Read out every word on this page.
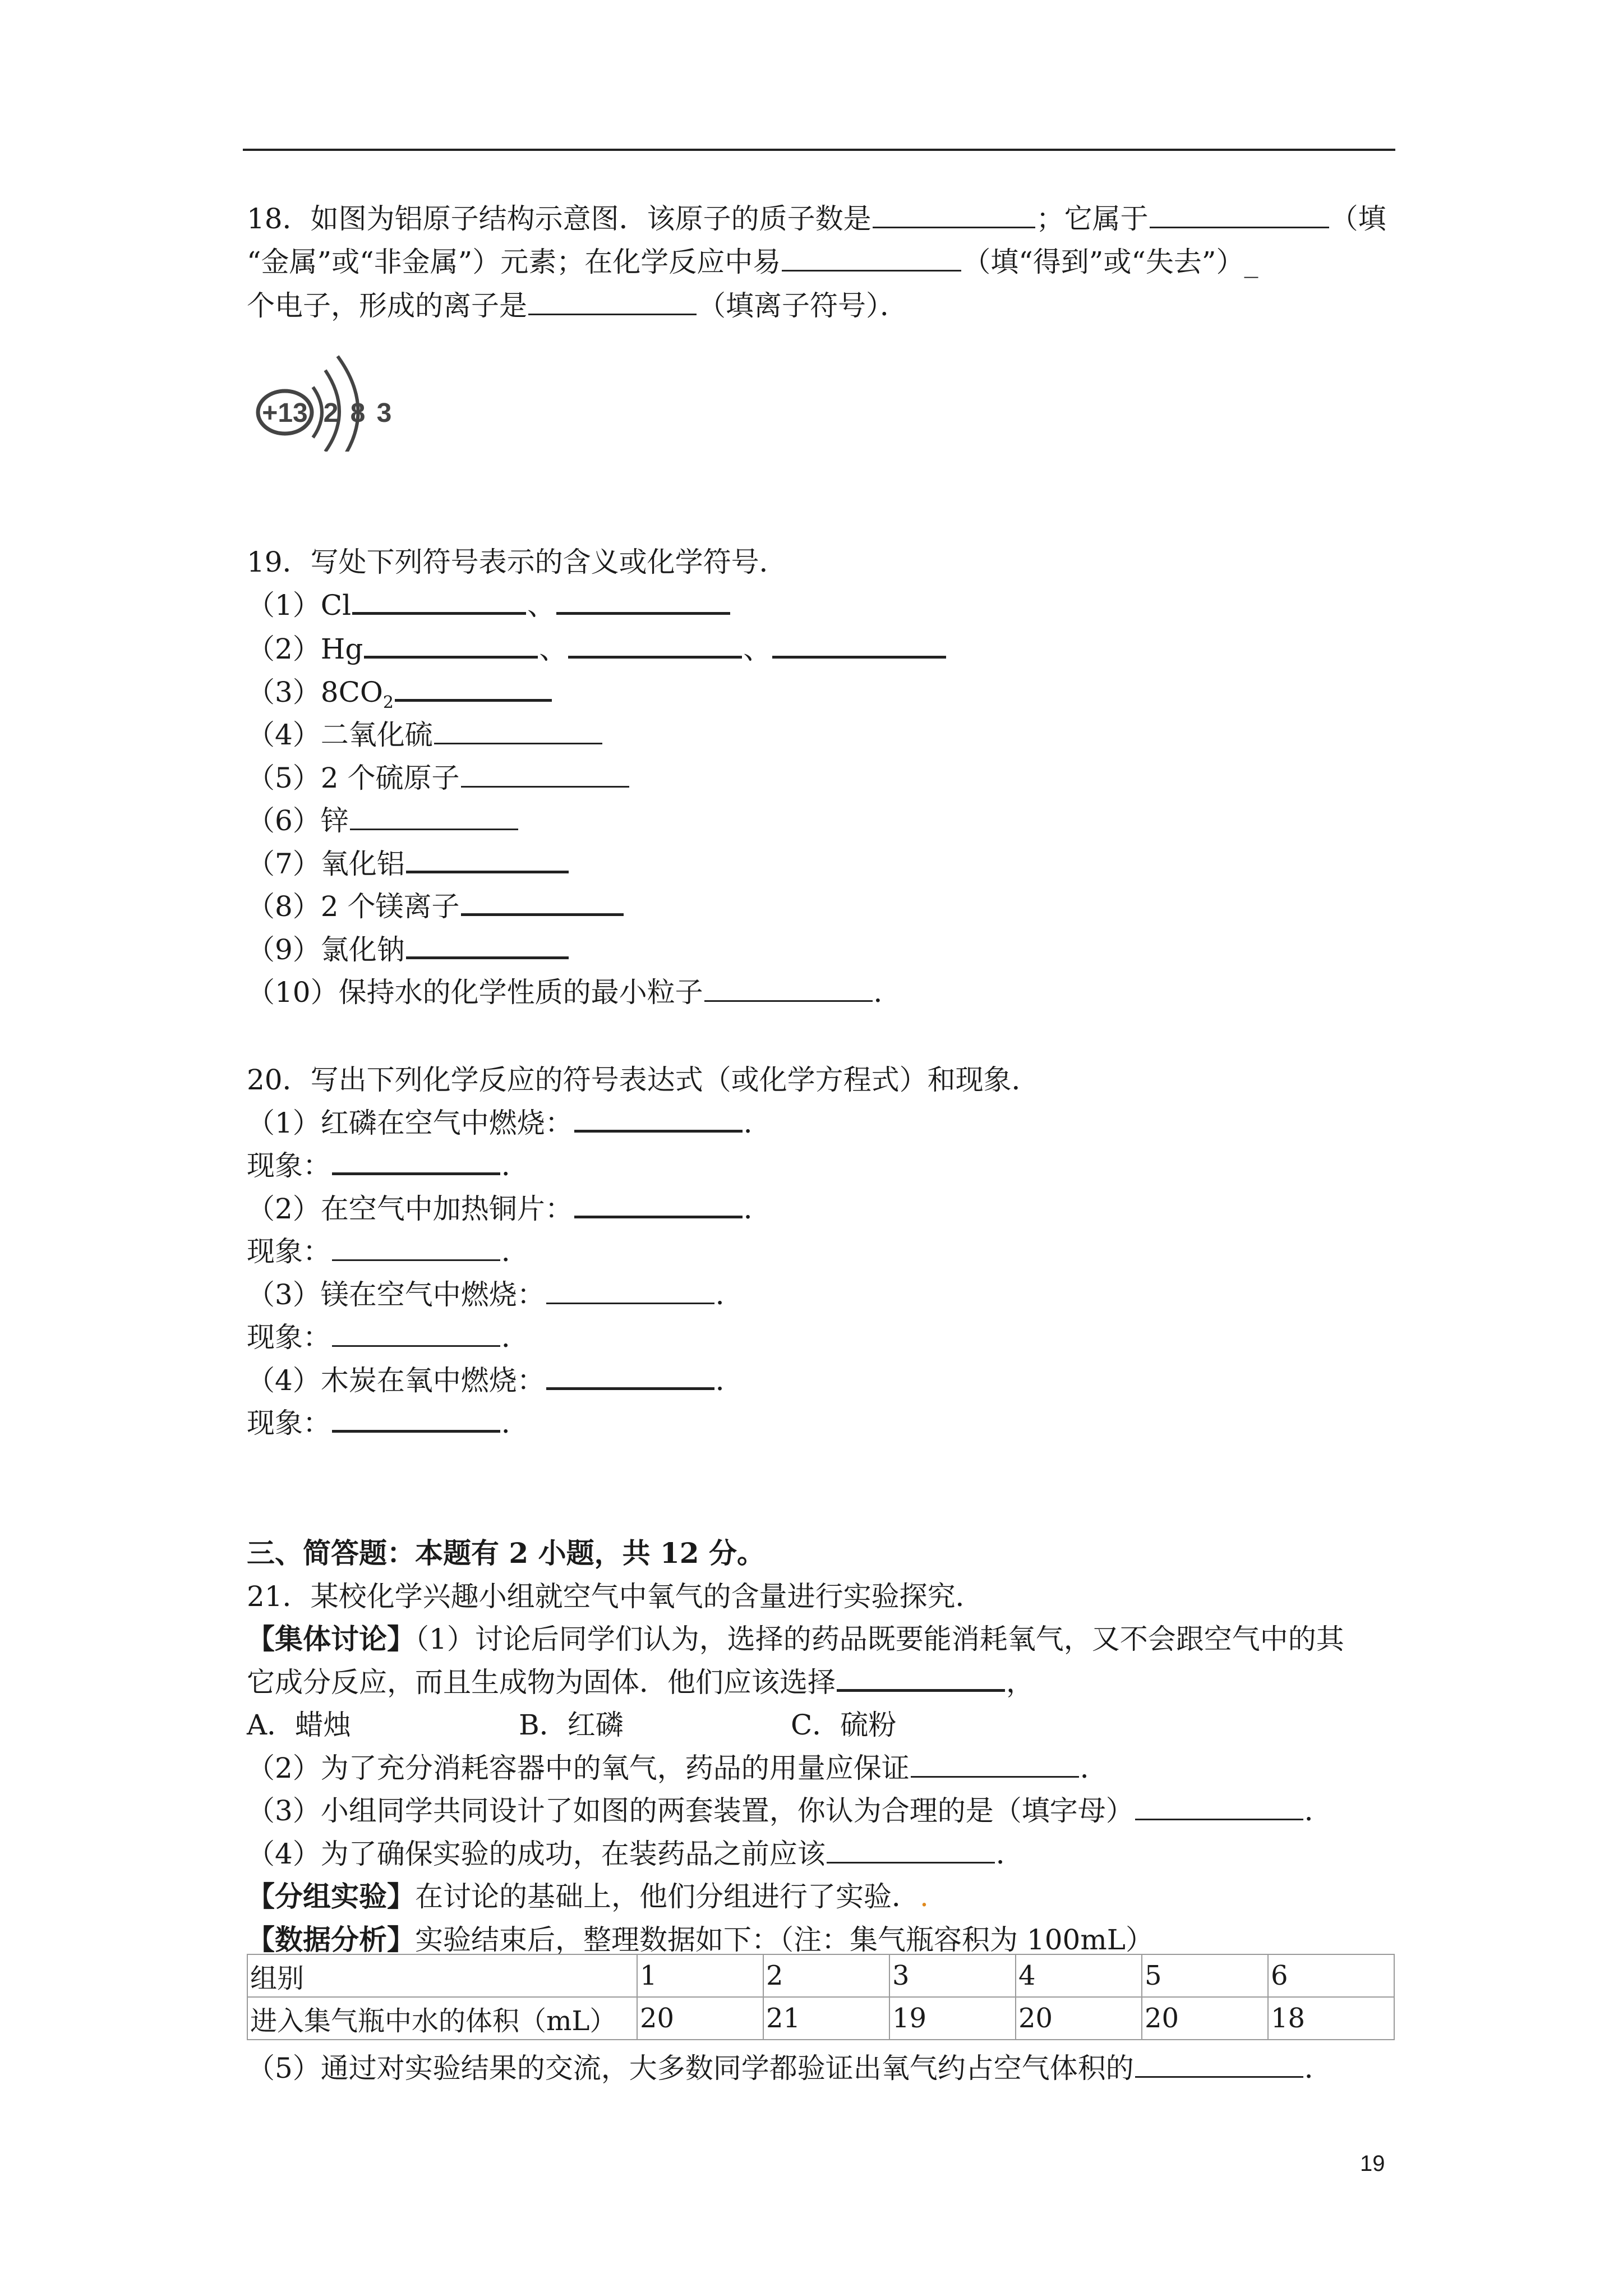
18．如图为铝原子结构示意图．该原子的质子数是	；它属于	（填
“金属”或“非金属”）元素；在化学反应中易	（填“得到”或“失去”）_
个电子，形成的离子是	（填离子符号）．
+13 2 8 3
19．写处下列符号表示的含义或化学符号．
（1）Cl	、
（2）Hg	、	、
$(3)8CO_2$
（4）二氧化硫
（5）2 个硫原子
（6）锌
（7）氧化铝
（8）2 个镁离子
（9）氯化钠
（10）保持水的化学性质的最小粒子	．
20．写出下列化学反应的符号表达式（或化学方程式）和现象．
（1）红磷在空气中燃烧：	．
现象：	．
（2）在空气中加热铜片：	．
现象：	．
（3）镁在空气中燃烧：	．
现象：	．
（4）木炭在氧中燃烧：	．
现象：	．
三、简答题：本题有 2 小题，共 12 分。
21．某校化学兴趣小组就空气中氧气的含量进行实验探究．
【集体讨论】（1）讨论后同学们认为，选择的药品既要能消耗氧气，又不会跟空气中的其
它成分反应，而且生成物为固体．他们应该选择	，
A．蜡烛	B．红磷	C．硫粉
（2）为了充分消耗容器中的氧气，药品的用量应保证	．
（3）小组同学共同设计了如图的两套装置，你认为合理的是（填字母）	．
（4）为了确保实验的成功，在装药品之前应该	．
【分组实验】在讨论的基础上，他们分组进行了实验．.
【数据分析】实验结束后，整理数据如下：（注：集气瓶容积为 100mL）
组别	1	2	3	4	5	6
进入集气瓶中水的体积（mL）	20	21	19	20	20	18
（5）通过对实验结果的交流，大多数同学都验证出氧气约占空气体积的	．
19
